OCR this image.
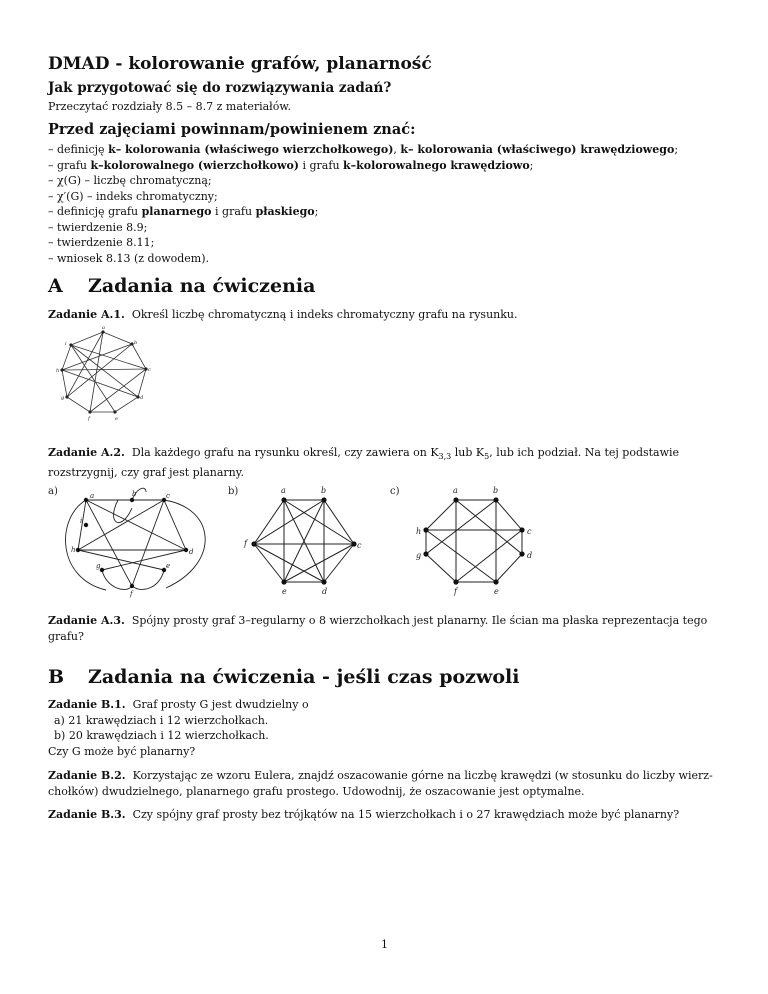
DMAD - kolorowanie grafów, planarność
Jak przygotować się do rozwiązywania zadań?
Przeczytać rozdziały 8.5 – 8.7 z materiałów.
Przed zajęciami powinnam/powinienem znać:
– definicję k– kolorowania (właściwego wierzchołkowego), k– kolorowania (właściwego) krawędziowego;
– grafu k–kolorowalnego (wierzchołkowo) i grafu k–kolorowalnego krawędziowo;
– χ(G) – liczbę chromatyczną;
– χ′(G) – indeks chromatyczny;
– definicję grafu planarnego i grafu płaskiego;
– twierdzenie 8.9;
– twierdzenie 8.11;
– wniosek 8.13 (z dowodem).
A Zadania na ćwiczenia
Zadanie A.1. Określ liczbę chromatyczną i indeks chromatyczny grafu na rysunku.
a
b
c
d
e
f
g
h
i
Zadanie A.2. Dla każdego grafu na rysunku określ, czy zawiera on $K_{3,3}$ lub $K_5$, lub ich podział. Na tej podstawie
rozstrzygnij, czy graf jest planarny.
a)	a	b	c
d
e
f
g
h
i
b)	a	b
c
d
e
f
c)	a	b
c
d
e
f
g
h
Zadanie A.3. Spójny prosty graf 3–regularny o 8 wierzchołkach jest planarny. Ile ścian ma płaska reprezentacja tego
grafu?
B Zadania na ćwiczenia - jeśli czas pozwoli
Zadanie B.1. Graf prosty G jest dwudzielny o
a) 21 krawędziach i 12 wierzchołkach.
b) 20 krawędziach i 12 wierzchołkach.
Czy G może być planarny?
Zadanie B.2. Korzystając ze wzoru Eulera, znajdź oszacowanie górne na liczbę krawędzi (w stosunku do liczby wierz-
chołków) dwudzielnego, planarnego grafu prostego. Udowodnij, że oszacowanie jest optymalne.
Zadanie B.3. Czy spójny graf prosty bez trójkątów na 15 wierzchołkach i o 27 krawędziach może być planarny?
1
